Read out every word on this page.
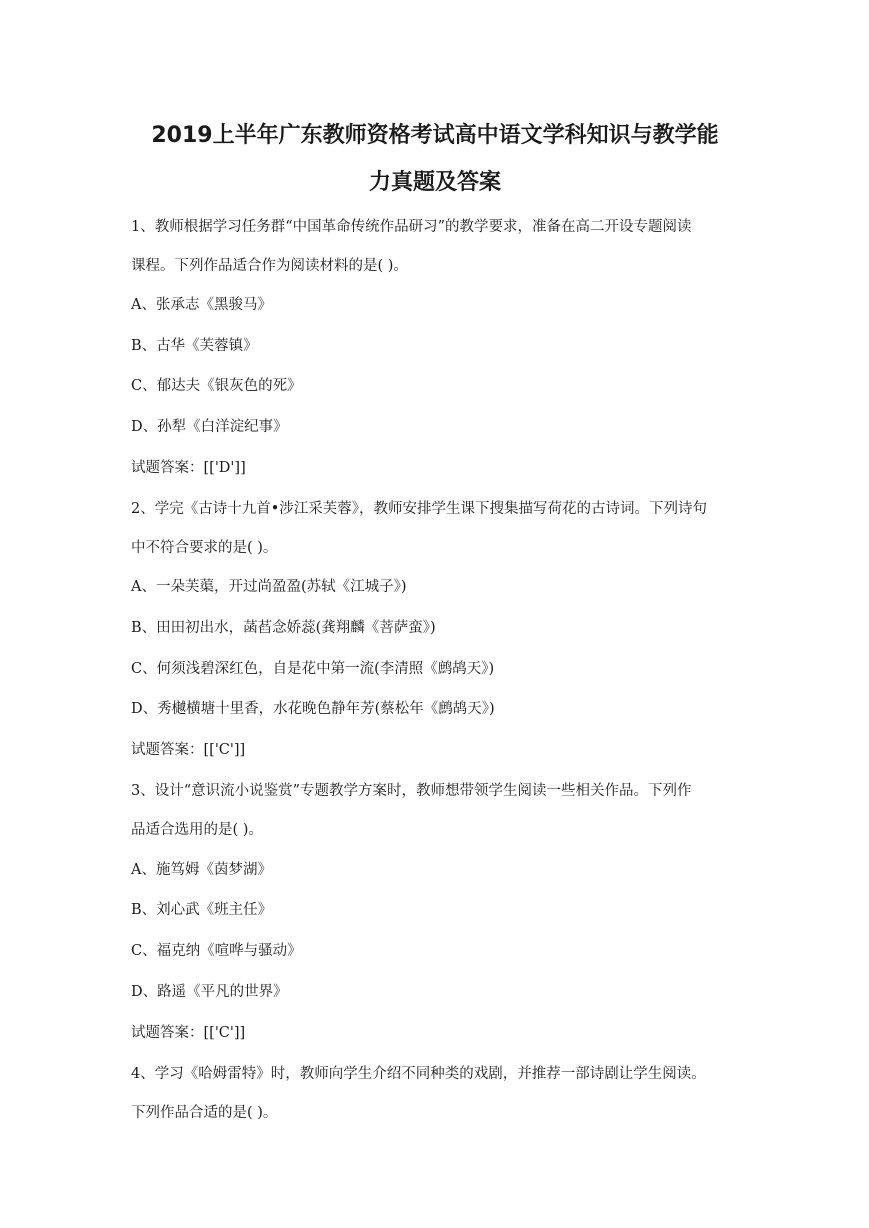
2019上半年广东教师资格考试高中语文学科知识与教学能
力真题及答案
1、教师根据学习任务群“中国革命传统作品研习”的教学要求，准备在高二开设专题阅读
课程。下列作品适合作为阅读材料的是( )。
A、张承志《黑骏马》
B、古华《芙蓉镇》
C、郁达夫《银灰色的死》
D、孙犁《白洋淀纪事》
试题答案：[['D']]
2、学完《古诗十九首•涉江采芙蓉》，教师安排学生课下搜集描写荷花的古诗词。下列诗句
中不符合要求的是( )。
A、一朵芙蕖，开过尚盈盈(苏轼《江城子》)
B、田田初出水，菡萏念娇蕊(龚翔麟《菩萨蛮》)
C、何须浅碧深红色，自是花中第一流(李清照《鹧鸪天》)
D、秀樾横塘十里香，水花晚色静年芳(蔡松年《鹧鸪天》)
试题答案：[['C']]
3、设计“意识流小说鉴赏”专题教学方案时，教师想带领学生阅读一些相关作品。下列作
品适合选用的是( )。
A、施笃姆《茵梦湖》
B、刘心武《班主任》
C、福克纳《喧哗与骚动》
D、路遥《平凡的世界》
试题答案：[['C']]
4、学习《哈姆雷特》时，教师向学生介绍不同种类的戏剧，并推荐一部诗剧让学生阅读。
下列作品合适的是( )。
